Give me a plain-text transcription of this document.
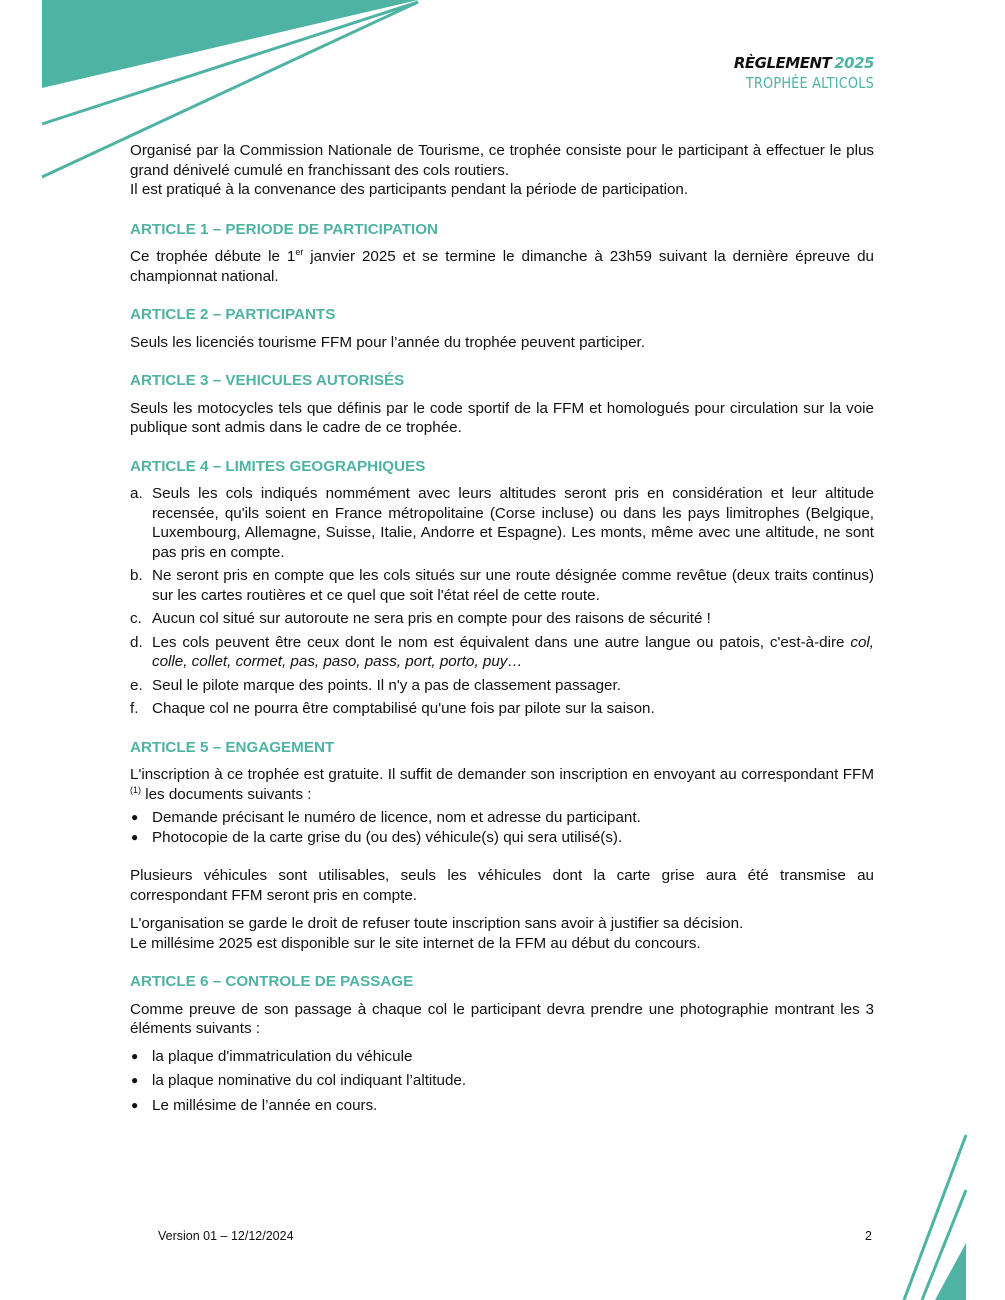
RÈGLEMENT 2025
TROPHÉE ALTICOLS

Organisé par la Commission Nationale de Tourisme, ce trophée consiste pour le participant à effectuer le plus grand dénivelé cumulé en franchissant des cols routiers.

Il est pratiqué à la convenance des participants pendant la période de participation.

ARTICLE 1 – PERIODE DE PARTICIPATION

Ce trophée débute le 1er janvier 2025 et se termine le dimanche à 23h59 suivant la dernière épreuve du championnat national.

ARTICLE 2 – PARTICIPANTS

Seuls les licenciés tourisme FFM pour l’année du trophée peuvent participer.

ARTICLE 3 – VEHICULES AUTORISÉS

Seuls les motocycles tels que définis par le code sportif de la FFM et homologués pour circulation sur la voie publique sont admis dans le cadre de ce trophée.

ARTICLE 4 – LIMITES GEOGRAPHIQUES
a. Seuls les cols indiqués nommément avec leurs altitudes seront pris en considération et leur altitude recensée, qu'ils soient en France métropolitaine (Corse incluse) ou dans les pays limitrophes (Belgique, Luxembourg, Allemagne, Suisse, Italie, Andorre et Espagne). Les monts, même avec une altitude, ne sont pas pris en compte.
b. Ne seront pris en compte que les cols situés sur une route désignée comme revêtue (deux traits continus) sur les cartes routières et ce quel que soit l'état réel de cette route.
c. Aucun col situé sur autoroute ne sera pris en compte pour des raisons de sécurité !
d. Les cols peuvent être ceux dont le nom est équivalent dans une autre langue ou patois, c'est-à-dire col, colle, collet, cormet, pas, paso, pass, port, porto, puy…
e. Seul le pilote marque des points. Il n'y a pas de classement passager.
f. Chaque col ne pourra être comptabilisé qu'une fois par pilote sur la saison.
ARTICLE 5 – ENGAGEMENT

L'inscription à ce trophée est gratuite. Il suffit de demander son inscription en envoyant au correspondant FFM $^{(1)}$ les documents suivants :

● Demande précisant le numéro de licence, nom et adresse du participant.
● Photocopie de la carte grise du (ou des) véhicule(s) qui sera utilisé(s).

Plusieurs véhicules sont utilisables, seuls les véhicules dont la carte grise aura été transmise au correspondant FFM seront pris en compte.

L'organisation se garde le droit de refuser toute inscription sans avoir à justifier sa décision.

Le millésime 2025 est disponible sur le site internet de la FFM au début du concours.

ARTICLE 6 – CONTROLE DE PASSAGE

Comme preuve de son passage à chaque col le participant devra prendre une photographie montrant les 3 éléments suivants :

● la plaque d'immatriculation du véhicule
● la plaque nominative du col indiquant l’altitude.
● Le millésime de l’année en cours.
Version 01 – 12/12/2024	2
